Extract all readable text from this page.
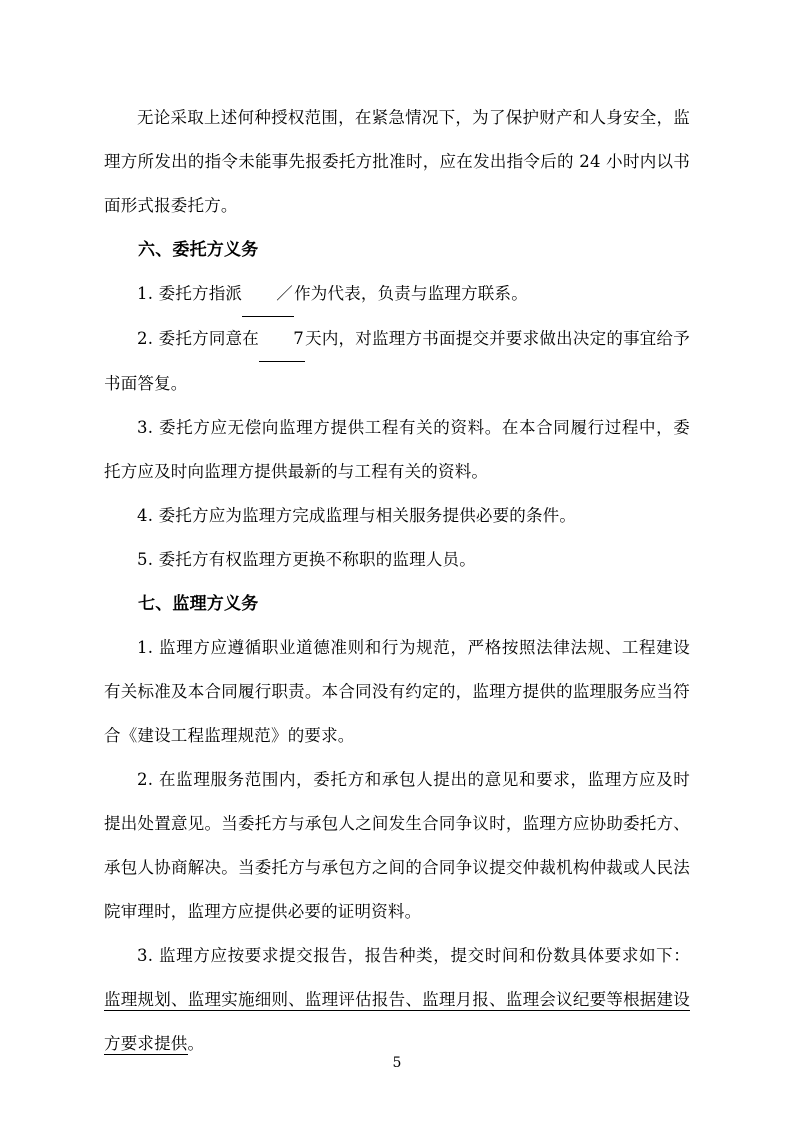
无论采取上述何种授权范围，在紧急情况下，为了保护财产和人身安全，监理方所发出的指令未能事先报委托方批准时，应在发出指令后的 24 小时内以书面形式报委托方。

六、委托方义务

1. 委托方指派 ／作为代表，负责与监理方联系。

2. 委托方同意在 7天内，对监理方书面提交并要求做出决定的事宜给予书面答复。

3. 委托方应无偿向监理方提供工程有关的资料。在本合同履行过程中，委托方应及时向监理方提供最新的与工程有关的资料。

4. 委托方应为监理方完成监理与相关服务提供必要的条件。

5. 委托方有权监理方更换不称职的监理人员。

七、监理方义务

1. 监理方应遵循职业道德准则和行为规范，严格按照法律法规、工程建设有关标准及本合同履行职责。本合同没有约定的，监理方提供的监理服务应当符合《建设工程监理规范》的要求。

2. 在监理服务范围内，委托方和承包人提出的意见和要求，监理方应及时提出处置意见。当委托方与承包人之间发生合同争议时，监理方应协助委托方、承包人协商解决。当委托方与承包方之间的合同争议提交仲裁机构仲裁或人民法院审理时，监理方应提供必要的证明资料。

3. 监理方应按要求提交报告，报告种类，提交时间和份数具体要求如下：监理规划、监理实施细则、监理评估报告、监理月报、监理会议纪要等根据建设方要求提供。

5
